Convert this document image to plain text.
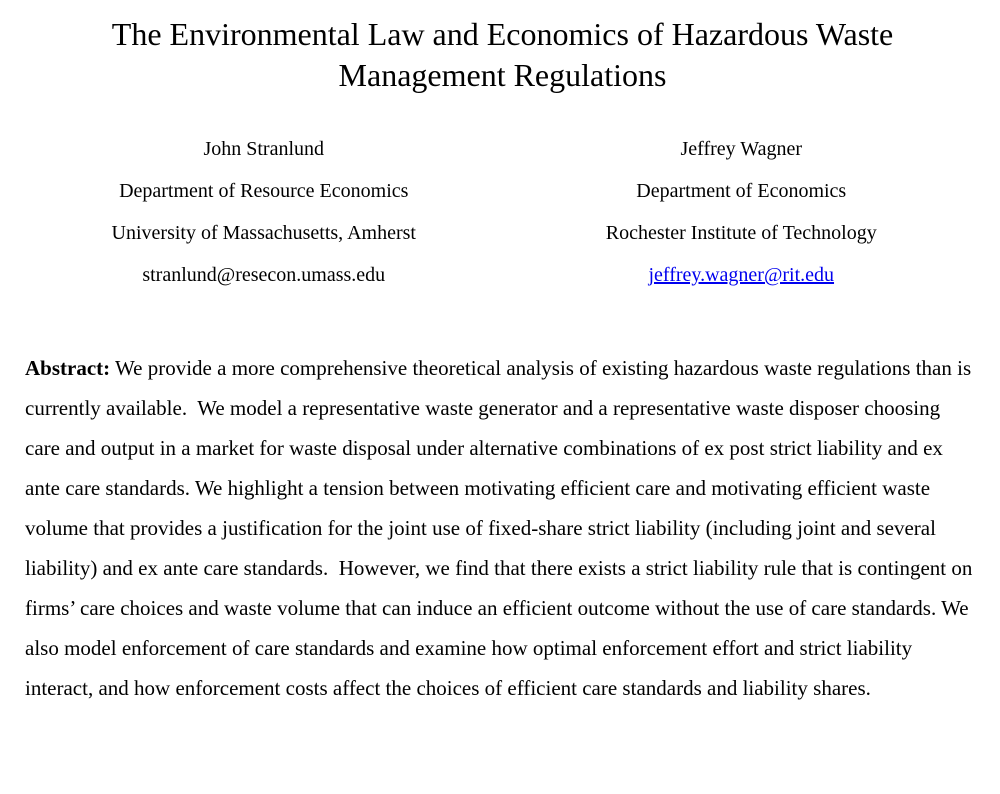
The Environmental Law and Economics of Hazardous Waste Management Regulations
John Stranlund
Department of Resource Economics
University of Massachusetts, Amherst
stranlund@resecon.umass.edu
Jeffrey Wagner
Department of Economics
Rochester Institute of Technology
jeffrey.wagner@rit.edu

Abstract: We provide a more comprehensive theoretical analysis of existing hazardous waste regulations than is currently available.  We model a representative waste generator and a representative waste disposer choosing care and output in a market for waste disposal under alternative combinations of ex post strict liability and ex ante care standards. We highlight a tension between motivating efficient care and motivating efficient waste volume that provides a justification for the joint use of fixed-share strict liability (including joint and several liability) and ex ante care standards.  However, we find that there exists a strict liability rule that is contingent on firms’ care choices and waste volume that can induce an efficient outcome without the use of care standards. We also model enforcement of care standards and examine how optimal enforcement effort and strict liability interact, and how enforcement costs affect the choices of efficient care standards and liability shares.
